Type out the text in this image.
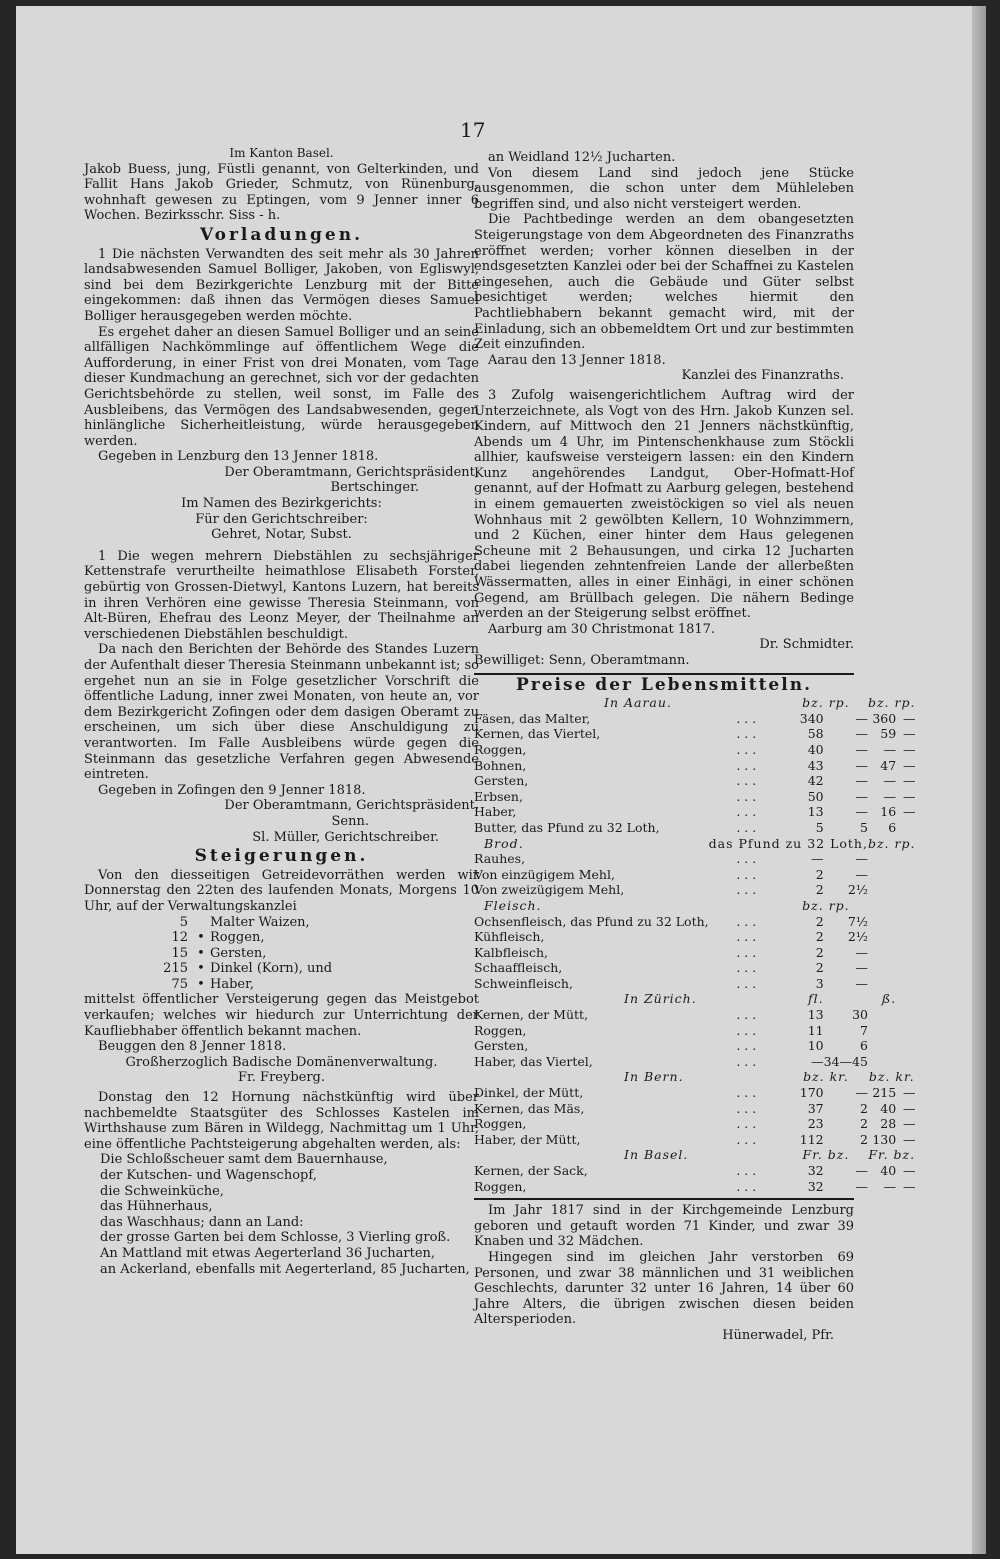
17

Im Kanton Basel.

Jakob Buess, jung, Füstli genannt, von Gelterkinden, und Fallit Hans Jakob Grieder, Schmutz, von Rünenburg, wohnhaft gewesen zu Eptingen, vom 9 Jenner inner 6 Wochen. Bezirksschr. Siss - h.

Vorladungen.

1 Die nächsten Verwandten des seit mehr als 30 Jahren landsabwesenden Samuel Bolliger, Jakoben, von Egliswyl, sind bei dem Bezirkgerichte Lenzburg mit der Bitte eingekommen: daß ihnen das Vermögen dieses Samuel Bolliger herausgegeben werden möchte.

Es ergehet daher an diesen Samuel Bolliger und an seine allfälligen Nachkömmlinge auf öffentlichem Wege die Aufforderung, in einer Frist von drei Monaten, vom Tage dieser Kundmachung an gerechnet, sich vor der gedachten Gerichtsbehörde zu stellen, weil sonst, im Falle des Ausbleibens, das Vermögen des Landsabwesenden, gegen hinlängliche Sicherheitleistung, würde herausgegeben werden.

Gegeben in Lenzburg den 13 Jenner 1818.

Der Oberamtmann, Gerichtspräsident,

Bertschinger.

Im Namen des Bezirkgerichts:

Für den Gerichtschreiber:

Gehret, Notar, Subst.

1 Die wegen mehrern Diebstählen zu sechsjähriger Kettenstrafe verurtheilte heimathlose Elisabeth Forster, gebürtig von Grossen-Dietwyl, Kantons Luzern, hat bereits in ihren Verhören eine gewisse Theresia Steinmann, von Alt-Büren, Ehefrau des Leonz Meyer, der Theilnahme an verschiedenen Diebstählen beschuldigt.

Da nach den Berichten der Behörde des Standes Luzern der Aufenthalt dieser Theresia Steinmann unbekannt ist; so ergehet nun an sie in Folge gesetzlicher Vorschrift die öffentliche Ladung, inner zwei Monaten, von heute an, vor dem Bezirkgericht Zofingen oder dem dasigen Oberamt zu erscheinen, um sich über diese Anschuldigung zu verantworten. Im Falle Ausbleibens würde gegen die Steinmann das gesetzliche Verfahren gegen Abwesende eintreten.

Gegeben in Zofingen den 9 Jenner 1818.

Der Oberamtmann, Gerichtspräsident,

Senn.

Sl. Müller, Gerichtschreiber.

Steigerungen.

Von den diesseitigen Getreidevorräthen werden wir Donnerstag den 22ten des laufenden Monats, Morgens 10 Uhr, auf der Verwaltungskanzlei

5	Malter Waizen,
12 • Roggen,
15 • Gersten,
215 • Dinkel (Korn), und
75 • Haber,

mittelst öffentlicher Versteigerung gegen das Meistgebot verkaufen; welches wir hiedurch zur Unterrichtung der Kaufliebhaber öffentlich bekannt machen.

Beuggen den 8 Jenner 1818.

Großherzoglich Badische Domänenverwaltung.

Fr. Freyberg.

Donstag den 12 Hornung nächstkünftig wird über nachbemeldte Staatsgüter des Schlosses Kastelen im Wirthshause zum Bären in Wildegg, Nachmittag um 1 Uhr, eine öffentliche Pachtsteigerung abgehalten werden, als:

Die Schloßscheuer samt dem Bauernhause,

der Kutschen- und Wagenschopf,

die Schweinküche,

das Hühnerhaus,

das Waschhaus; dann an Land:

der grosse Garten bei dem Schlosse, 3 Vierling groß.

An Mattland mit etwas Aegerterland 36 Jucharten,

an Ackerland, ebenfalls mit Aegerterland, 85 Jucharten,

an Weidland 12½ Jucharten.

Von diesem Land sind jedoch jene Stücke ausgenommen, die schon unter dem Mühleleben begriffen sind, und also nicht versteigert werden.

Die Pachtbedinge werden an dem obangesetzten Steigerungstage von dem Abgeordneten des Finanzraths eröffnet werden; vorher können dieselben in der endsgesetzten Kanzlei oder bei der Schaffnei zu Kastelen eingesehen, auch die Gebäude und Güter selbst besichtiget werden; welches hiermit den Pachtliebhabern bekannt gemacht wird, mit der Einladung, sich an obbemeldtem Ort und zur bestimmten Zeit einzufinden.

Aarau den 13 Jenner 1818.

Kanzlei des Finanzraths.

3 Zufolg waisengerichtlichem Auftrag wird der Unterzeichnete, als Vogt von des Hrn. Jakob Kunzen sel. Kindern, auf Mittwoch den 21 Jenners nächstkünftig, Abends um 4 Uhr, im Pintenschenkhause zum Stöckli allhier, kaufsweise versteigern lassen: ein den Kindern Kunz angehörendes Landgut, Ober-Hofmatt-Hof genannt, auf der Hofmatt zu Aarburg gelegen, bestehend in einem gemauerten zweistöckigen so viel als neuen Wohnhaus mit 2 gewölbten Kellern, 10 Wohnzimmern, und 2 Küchen, einer hinter dem Haus gelegenen Scheune mit 2 Behausungen, und cirka 12 Jucharten dabei liegenden zehntenfreien Lande der allerbeßten Wässermatten, alles in einer Einhägi, in einer schönen Gegend, am Brüllbach gelegen. Die nähern Bedinge werden an der Steigerung selbst eröffnet.

Aarburg am 30 Christmonat 1817.

Dr. Schmidter.

Bewilliget: Senn, Oberamtmann.

Preise der Lebensmitteln.
In Aarau.		bz. rp.		bz. rp.	
Fäsen, das Malter,	. . .	340	—	360	—
Kernen, das Viertel,	. . .	58	—	59	—
Roggen,	. . .	40	—	—	—
Bohnen,	. . .	43	—	47	—
Gersten,	. . .	42	—	—	—
Erbsen,	. . .	50	—	—	—
Haber,	. . .	13	—	16	—
Butter, das Pfund zu 32 Loth,	. . .	5	5	6	
Brod.	das Pfund zu 32 Loth,			bz. rp.	
Rauhes,	. . .	—	—		
Von einzügigem Mehl,	. . .	2	—		
Von zweizügigem Mehl,	. . .	2	2½		
Fleisch.		bz. rp.			
Ochsenfleisch, das Pfund zu 32 Loth,	. . .	2	7½		
Kühfleisch,	. . .	2	2½		
Kalbfleisch,	. . .	2	—		
Schaaffleisch,	. . .	2	—		
Schweinfleisch,	. . .	3	—		
In Zürich.		fl.		ß.	
Kernen, der Mütt,	. . .	13	30		
Roggen,	. . .	11	7		
Gersten,	. . .	10	6		
Haber, das Viertel,	. . .	—	34—45		
In Bern.		bz. kr.		bz. kr.	
Dinkel, der Mütt,	. . .	170	—	215	—
Kernen, das Mäs,	. . .	37	2	40	—
Roggen,	. . .	23	2	28	—
Haber, der Mütt,	. . .	112	2	130	—
In Basel.		Fr. bz.		Fr. bz.	
Kernen, der Sack,	. . .	32	—	40	—
Roggen,	. . .	32	—	—	—

Im Jahr 1817 sind in der Kirchgemeinde Lenzburg geboren und getauft worden 71 Kinder, und zwar 39 Knaben und 32 Mädchen.

Hingegen sind im gleichen Jahr verstorben 69 Personen, und zwar 38 männlichen und 31 weiblichen Geschlechts, darunter 32 unter 16 Jahren, 14 über 60 Jahre Alters, die übrigen zwischen diesen beiden Altersperioden.

Hünerwadel, Pfr.
